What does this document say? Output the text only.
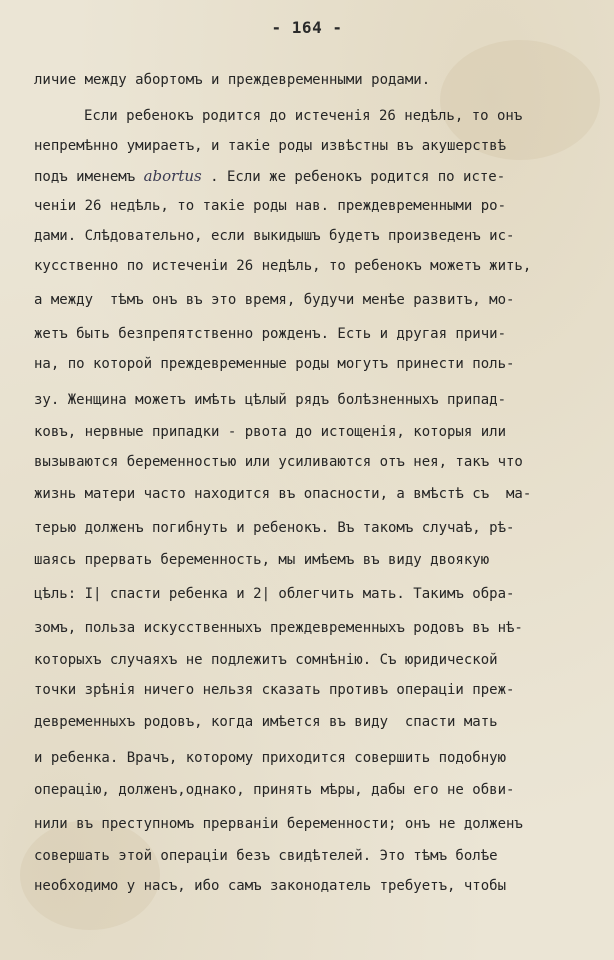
- 164 -
личие между абортомъ и преждевременными родами.
Если ребенокъ родится до истеченія 26 недѣль, то онъ
непремѣнно умираетъ, и такіе роды извѣстны въ акушерствѣ
подъ именемъ abortus . Если же ребенокъ родится по исте-
ченіи 26 недѣль, то такіе роды нав. преждевременными ро-
дами. Слѣдовательно, если выкидышъ будетъ произведенъ ис-
кусственно по истеченіи 26 недѣль, то ребенокъ можетъ жить,
а между  тѣмъ онъ въ это время, будучи менѣе развитъ, мо-
жетъ быть безпрепятственно рожденъ. Есть и другая причи-
на, по которой преждевременные роды могутъ принести поль-
зу. Женщина можетъ имѣть цѣлый рядъ болѣзненныхъ припад-
ковъ, нервные припадки - рвота до истощенія, которыя или
вызываются беременностью или усиливаются отъ нея, такъ что
жизнь матери часто находится въ опасности, а вмѣстѣ съ  ма-
терью долженъ погибнуть и ребенокъ. Въ такомъ случаѣ, рѣ-
шаясь прервать беременность, мы имѣемъ въ виду двоякую
цѣль: I| спасти ребенка и 2| облегчить мать. Такимъ обра-
зомъ, польза искусственныхъ преждевременныхъ родовъ въ нѣ-
которыхъ случаяхъ не подлежитъ сомнѣнію. Съ юридической
точки зрѣнія ничего нельзя сказать противъ операціи преж-
девременныхъ родовъ, когда имѣется въ виду  спасти мать
и ребенка. Врачъ, которому приходится совершить подобную
операцію, долженъ,однако, принять мѣры, дабы его не обви-
нили въ преступномъ прерваніи беременности; онъ не долженъ
совершать этой операціи безъ свидѣтелей. Это тѣмъ болѣе
необходимо у насъ, ибо самъ законодатель требуетъ, чтобы
